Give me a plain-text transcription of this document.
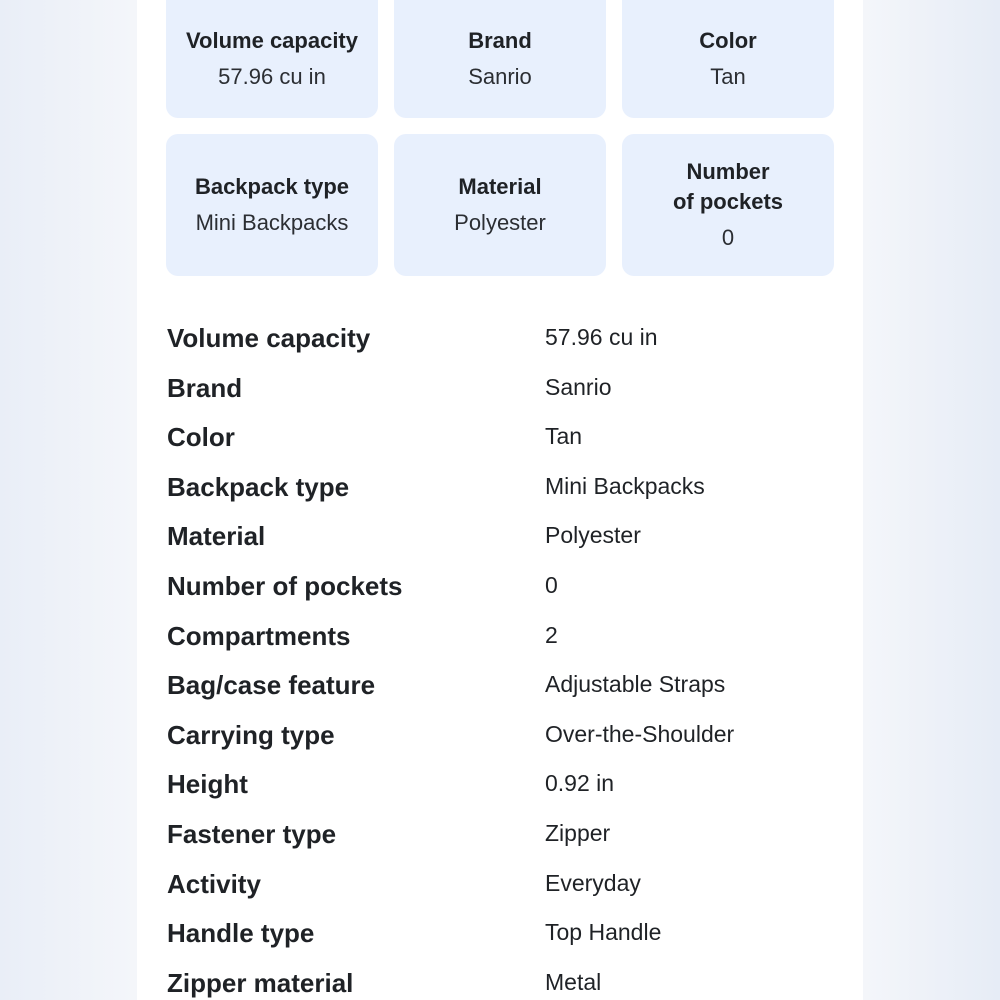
Volume capacity
57.96 cu in
Brand
Sanrio
Color
Tan
Backpack type
Mini Backpacks
Material
Polyester
Number
of pockets
0
Volume capacity	57.96 cu in
Brand	Sanrio
Color	Tan
Backpack type	Mini Backpacks
Material	Polyester
Number of pockets	0
Compartments	2
Bag/case feature	Adjustable Straps
Carrying type	Over-the-Shoulder
Height	0.92 in
Fastener type	Zipper
Activity	Everyday
Handle type	Top Handle
Zipper material	Metal
